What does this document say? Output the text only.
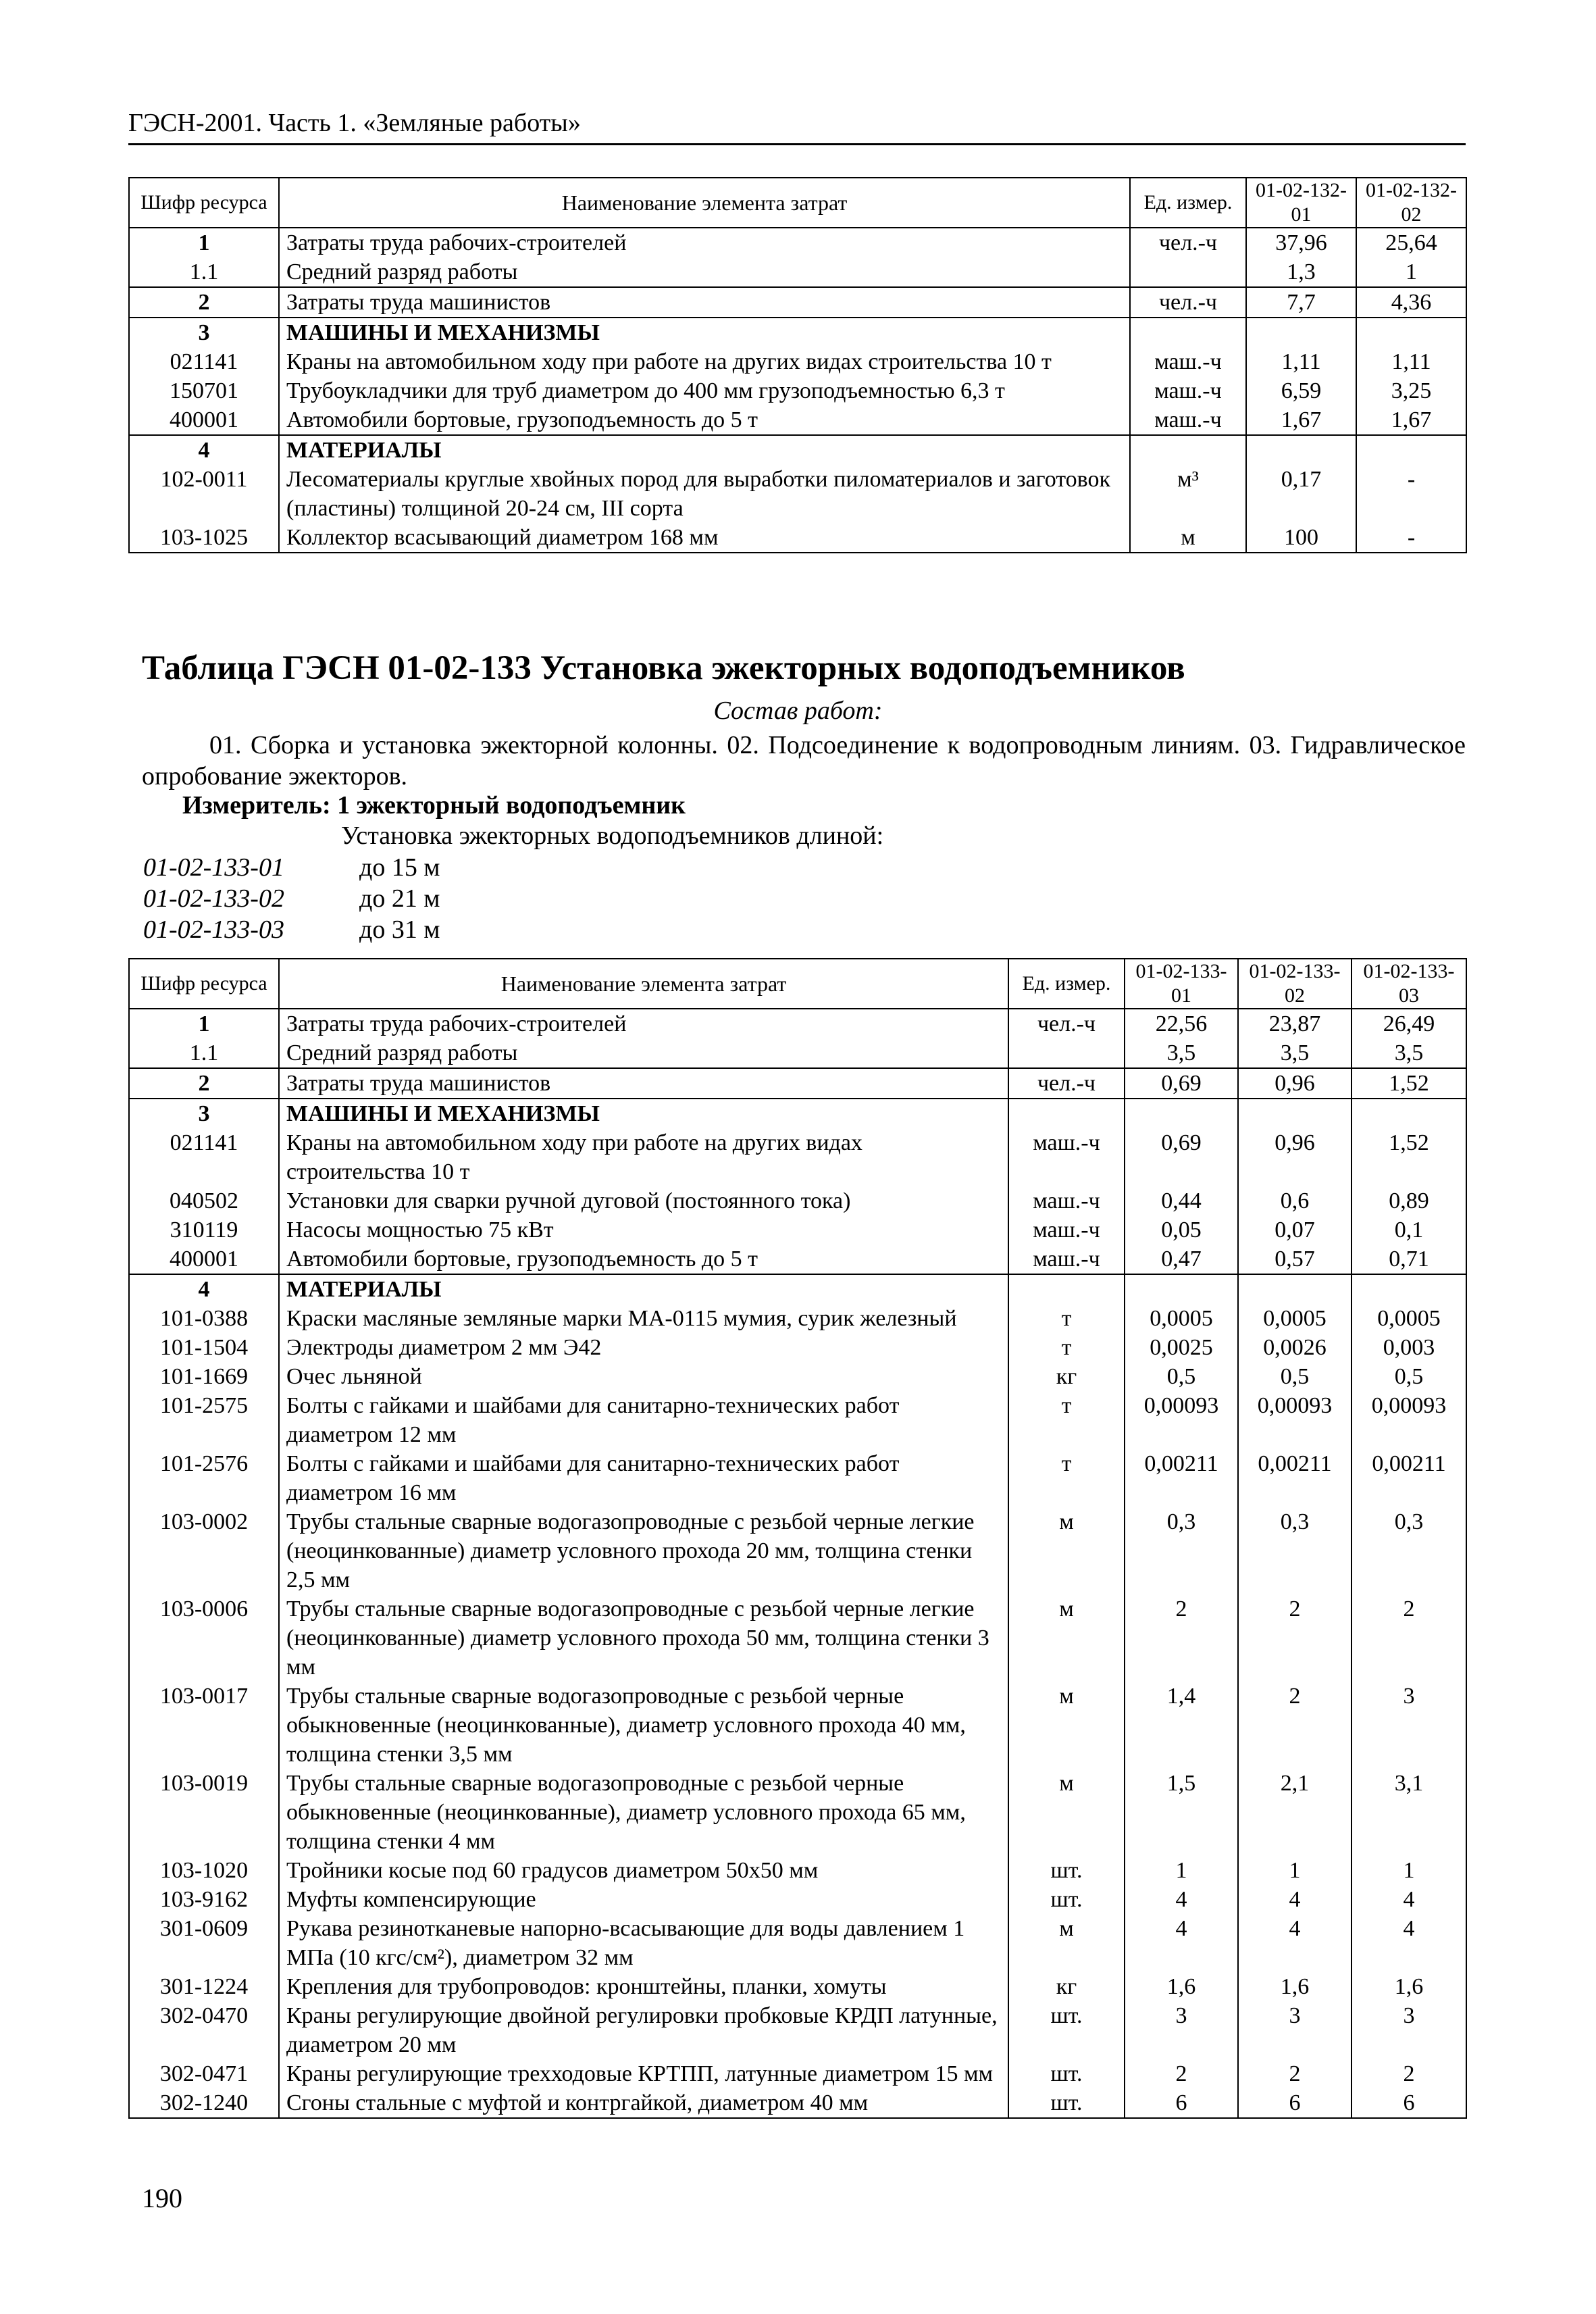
ГЭСН-2001. Часть 1. «Земляные работы»
Шифр ресурса	Наименование элемента затрат	Ед. измер.	01-02-132-01	01-02-132-02
1	Затраты труда рабочих-строителей	чел.-ч	37,96	25,64
1.1	Средний разряд работы		1,3	1
2	Затраты труда машинистов	чел.-ч	7,7	4,36
3	МАШИНЫ И МЕХАНИЗМЫ			
021141	Краны на автомобильном ходу при работе на других видах строительства 10 т	маш.-ч	1,11	1,11
150701	Трубоукладчики для труб диаметром до 400 мм грузоподъемностью 6,3 т	маш.-ч	6,59	3,25
400001	Автомобили бортовые, грузоподъемность до 5 т	маш.-ч	1,67	1,67
4	МАТЕРИАЛЫ			
102-0011	Лесоматериалы круглые хвойных пород для выработки пиломатериалов и заготовок (пластины) толщиной 20-24 см, III сорта	м³	0,17	-
103-1025	Коллектор всасывающий диаметром 168 мм	м	100	-
Таблица ГЭСН 01-02-133 Установка эжекторных водоподъемников
Состав работ:
01. Сборка и установка эжекторной колонны. 02. Подсоединение к водопроводным линиям. 03. Гидравлическое опробование эжекторов.
Измеритель: 1 эжекторный водоподъемник
Установка эжекторных водоподъемников длиной:
01-02-133-01	до 15 м
01-02-133-02	до 21 м
01-02-133-03	до 31 м
Шифр ресурса	Наименование элемента затрат	Ед. измер.	01-02-133-01	01-02-133-02	01-02-133-03
1	Затраты труда рабочих-строителей	чел.-ч	22,56	23,87	26,49
1.1	Средний разряд работы		3,5	3,5	3,5
2	Затраты труда машинистов	чел.-ч	0,69	0,96	1,52
3	МАШИНЫ И МЕХАНИЗМЫ				
021141	Краны на автомобильном ходу при работе на других видах строительства 10 т	маш.-ч	0,69	0,96	1,52
040502	Установки для сварки ручной дуговой (постоянного тока)	маш.-ч	0,44	0,6	0,89
310119	Насосы мощностью 75 кВт	маш.-ч	0,05	0,07	0,1
400001	Автомобили бортовые, грузоподъемность до 5 т	маш.-ч	0,47	0,57	0,71
4	МАТЕРИАЛЫ				
101-0388	Краски масляные земляные марки МА-0115 мумия, сурик железный	т	0,0005	0,0005	0,0005
101-1504	Электроды диаметром 2 мм Э42	т	0,0025	0,0026	0,003
101-1669	Очес льняной	кг	0,5	0,5	0,5
101-2575	Болты с гайками и шайбами для санитарно-технических работ диаметром 12 мм	т	0,00093	0,00093	0,00093
101-2576	Болты с гайками и шайбами для санитарно-технических работ диаметром 16 мм	т	0,00211	0,00211	0,00211
103-0002	Трубы стальные сварные водогазопроводные с резьбой черные легкие (неоцинкованные) диаметр условного прохода 20 мм, толщина стенки 2,5 мм	м	0,3	0,3	0,3
103-0006	Трубы стальные сварные водогазопроводные с резьбой черные легкие (неоцинкованные) диаметр условного прохода 50 мм, толщина стенки 3 мм	м	2	2	2
103-0017	Трубы стальные сварные водогазопроводные с резьбой черные обыкновенные (неоцинкованные), диаметр условного прохода 40 мм, толщина стенки 3,5 мм	м	1,4	2	3
103-0019	Трубы стальные сварные водогазопроводные с резьбой черные обыкновенные (неоцинкованные), диаметр условного прохода 65 мм, толщина стенки 4 мм	м	1,5	2,1	3,1
103-1020	Тройники косые под 60 градусов диаметром 50х50 мм	шт.	1	1	1
103-9162	Муфты компенсирующие	шт.	4	4	4
301-0609	Рукава резинотканевые напорно-всасывающие для воды давлением 1 МПа (10 кгс/см²), диаметром 32 мм	м	4	4	4
301-1224	Крепления для трубопроводов: кронштейны, планки, хомуты	кг	1,6	1,6	1,6
302-0470	Краны регулирующие двойной регулировки пробковые КРДП латунные, диаметром 20 мм	шт.	3	3	3
302-0471	Краны регулирующие трехходовые КРТПП, латунные диаметром 15 мм	шт.	2	2	2
302-1240	Сгоны стальные с муфтой и контргайкой, диаметром 40 мм	шт.	6	6	6
190
